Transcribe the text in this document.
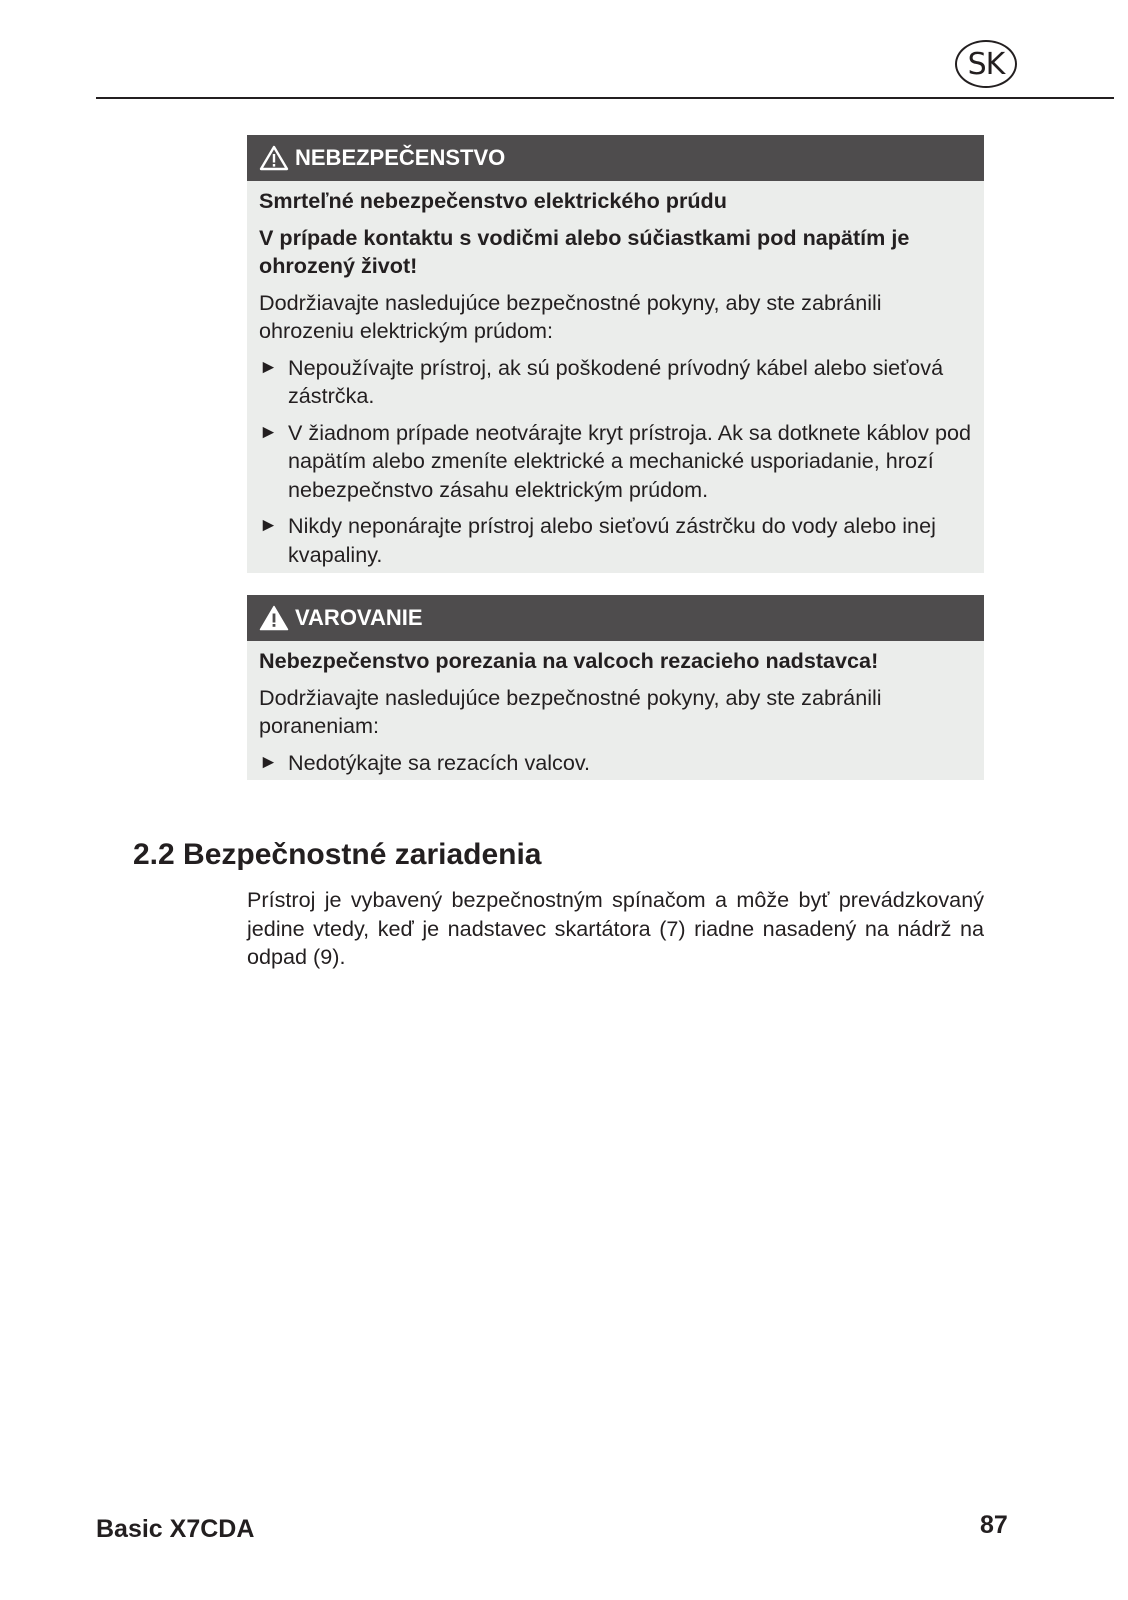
SK
NEBEZPEČENSTVO

Smrteľné nebezpečenstvo elektrického prúdu

V prípade kontaktu s vodičmi alebo súčiastkami pod napätím je ohrozený život!

Dodržiavajte nasledujúce bezpečnostné pokyny, aby ste zabránili ohrozeniu elektrickým prúdom:

► Nepoužívajte prístroj, ak sú poškodené prívodný kábel alebo sieťová zástrčka.
► V žiadnom prípade neotvárajte kryt prístroja. Ak sa dotknete káblov pod napätím alebo zmeníte elektrické a mechanické usporiadanie, hrozí nebezpečnstvo zásahu elektrickým prúdom.
► Nikdy neponárajte prístroj alebo sieťovú zástrčku do vody alebo inej kvapaliny.
VAROVANIE

Nebezpečenstvo porezania na valcoch rezacieho nadstavca!

Dodržiavajte nasledujúce bezpečnostné pokyny, aby ste zabránili poraneniam:

► Nedotýkajte sa rezacích valcov.
2.2 Bezpečnostné zariadenia

Prístroj je vybavený bezpečnostným spínačom a môže byť prevádzkovaný jedine vtedy, keď je nadstavec skartátora (7) riadne nasadený na nádrž na odpad (9).

Basic X7CDA	87
